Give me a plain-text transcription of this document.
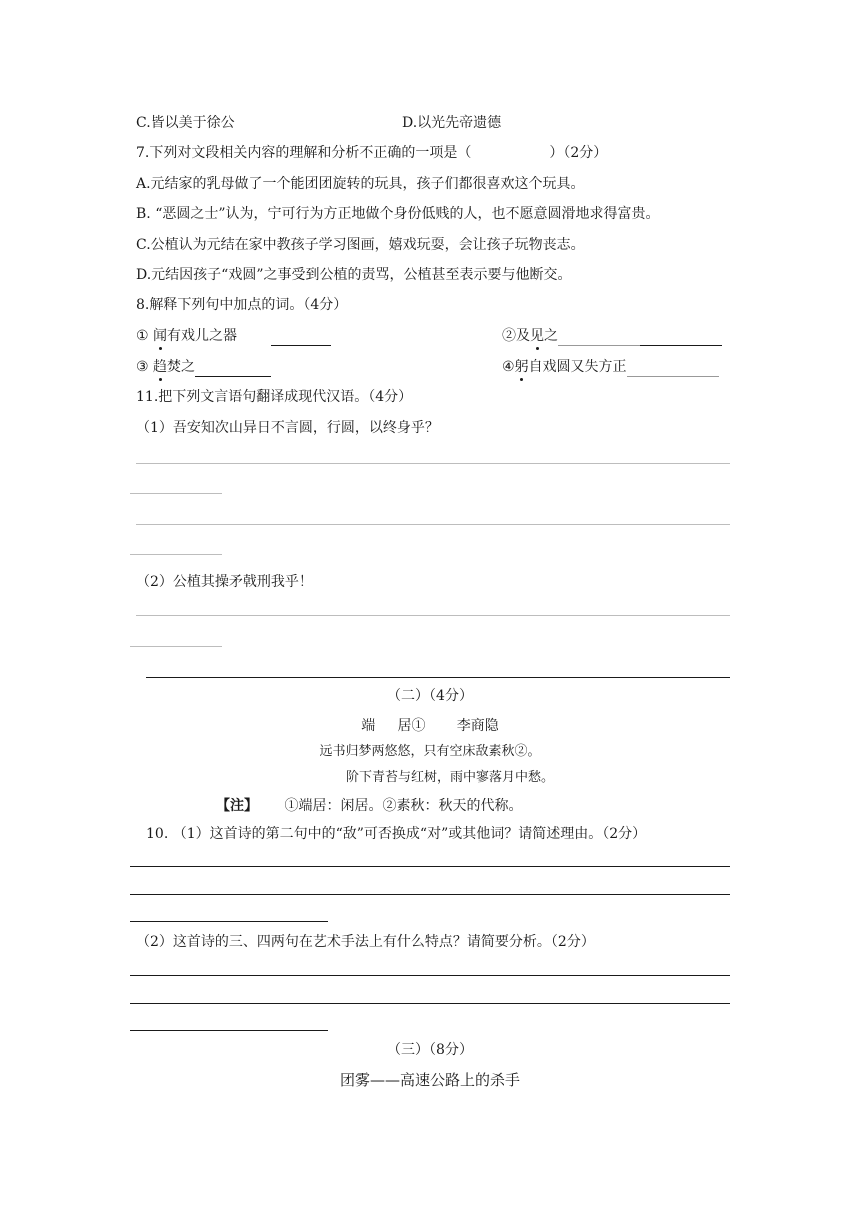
C.皆以美于徐公	D.以光先帝遗德
7.下列对文段相关内容的理解和分析不正确的一项是（	）（2分）
A.元结家的乳母做了一个能团团旋转的玩具，孩子们都很喜欢这个玩具。
B. “恶圆之士”认为，宁可行为方正地做个身份低贱的人，也不愿意圆滑地求得富贵。
C.公植认为元结在家中教孩子学习图画，嬉戏玩耍，会让孩子玩物丧志。
D.元结因孩子“戏圆”之事受到公植的责骂，公植甚至表示要与他断交。
8.解释下列句中加点的词。（4分）
① 闻有戏儿之器	②及见之
③ 趋焚之	④躬自戏圆又失方正
11.把下列文言语句翻译成现代汉语。（4分）
（1）吾安知次山异日不言圆，行圆，以终身乎？
（2）公植其操矛戟刑我乎！
（二）（4分）
端     居①       李商隐
远书归梦两悠悠，只有空床敌素秋②。
阶下青苔与红树，雨中寥落月中愁。
【注】 ①端居：闲居。②素秋：秋天的代称。
10. （1）这首诗的第二句中的“敌”可否换成“对”或其他词？请简述理由。（2分）
（2）这首诗的三、四两句在艺术手法上有什么特点？请简要分析。（2分）
（三）（8分）
团雾——高速公路上的杀手
